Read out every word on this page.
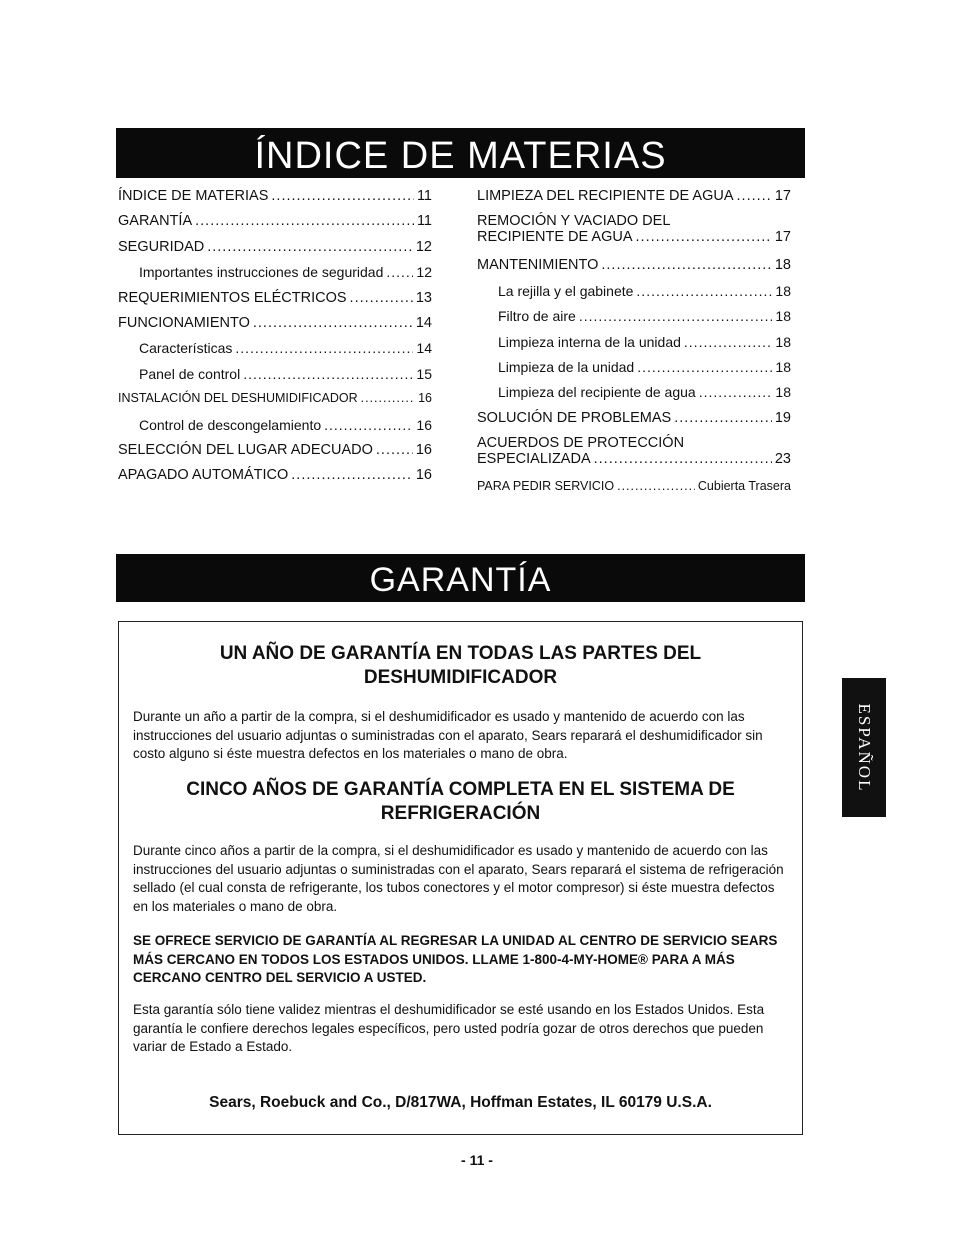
ÍNDICE DE MATERIAS
ÍNDICE DE MATERIAS .....	11
GARANTÍA .....	11
SEGURIDAD .....	12
Importantes instrucciones de seguridad ..... 12
REQUERIMIENTOS ELÉCTRICOS .....	13
FUNCIONAMIENTO .....	14
Características .....	14
Panel de control .....	15
INSTALACIÓN DEL DESHUMIDIFICADOR .....	16
Control de descongelamiento .....	16
SELECCIÓN DEL LUGAR ADECUADO .....	16
APAGADO AUTOMÁTICO .....	16
LIMPIEZA DEL RECIPIENTE DE AGUA .....	17
REMOCIÓN Y VACIADO DEL
RECIPIENTE DE AGUA .....	17
MANTENIMIENTO .....	18
La rejilla y el gabinete .....	18
Filtro de aire .....	18
Limpieza interna de la unidad .....	18
Limpieza de la unidad .....	18
Limpieza del recipiente de agua .....	18
SOLUCIÓN DE PROBLEMAS .....	19
ACUERDOS DE PROTECCIÓN
ESPECIALIZADA .....	23
PARA PEDIR SERVICIO .....	Cubierta Trasera
GARANTÍA
UN AÑO DE GARANTÍA EN TODAS LAS PARTES DEL DESHUMIDIFICADOR
Durante un año a partir de la compra, si el deshumidificador es usado y mantenido de acuerdo con las instrucciones del usuario adjuntas o suministradas con el aparato, Sears reparará el deshumidificador sin costo alguno si éste muestra defectos en los materiales o mano de obra.
CINCO AÑOS DE GARANTÍA COMPLETA EN EL SISTEMA DE REFRIGERACIÓN
Durante cinco años a partir de la compra, si el deshumidificador es usado y mantenido de acuerdo con las instrucciones del usuario adjuntas o suministradas con el aparato, Sears reparará el sistema de refrigeración sellado (el cual consta de refrigerante, los tubos conectores y el motor compresor) si éste muestra defectos en los materiales o mano de obra.
SE OFRECE SERVICIO DE GARANTÍA AL REGRESAR LA UNIDAD AL CENTRO DE SERVICIO SEARS MÁS CERCANO EN TODOS LOS ESTADOS UNIDOS. LLAME 1-800-4-MY-HOME® PARA A MÁS CERCANO CENTRO DEL SERVICIO A USTED.
Esta garantía sólo tiene validez mientras el deshumidificador se esté usando en los Estados Unidos. Esta garantía le confiere derechos legales específicos, pero usted podría gozar de otros derechos que pueden variar de Estado a Estado.
Sears, Roebuck and Co., D/817WA, Hoffman Estates, IL 60179 U.S.A.
- 11 -
ESPAÑOL
